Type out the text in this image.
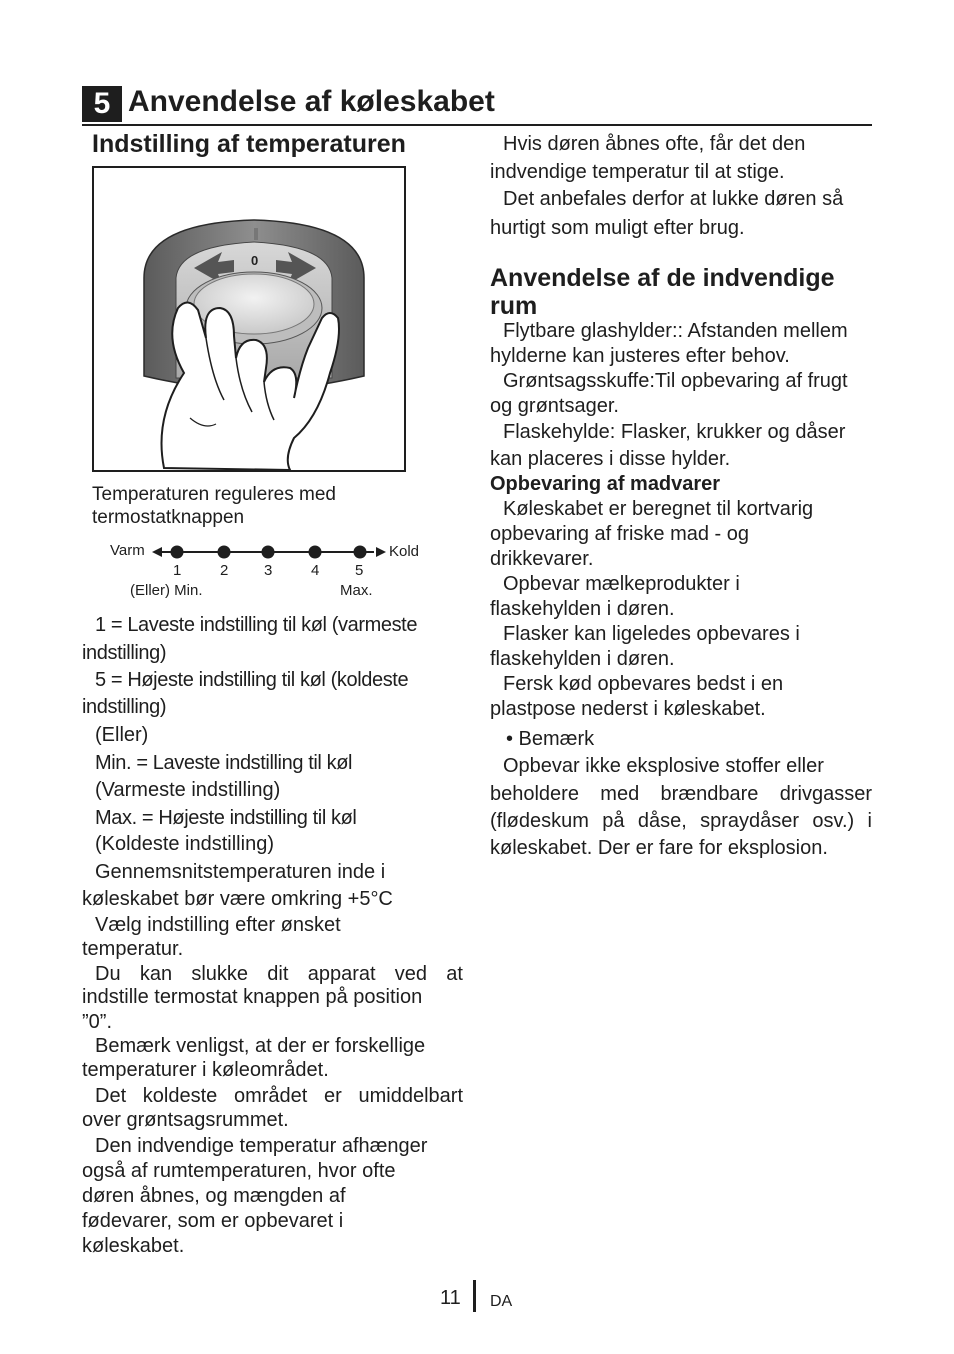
5 Anvendelse af køleskabet
Indstilling af temperaturen
0
Temperaturen reguleres med
termostatknappen
Varm	Kold
1	2 3	4 5
(Eller) Min.	Max.
1 = Laveste indstilling til køl (varmeste
indstilling)
5 = Højeste indstilling til køl (koldeste
indstilling)
(Eller)
Min. = Laveste indstilling til køl
(Varmeste indstilling)
Max. = Højeste indstilling til køl
(Koldeste indstilling)
Gennemsnitstemperaturen inde i
køleskabet bør være omkring +5°C
Vælg indstilling efter ønsket
temperatur.
Du kan slukke dit apparat ved at
indstille termostat knappen på position
”0”.
Bemærk venligst, at der er forskellige
temperaturer i køleområdet.
Det koldeste området er umiddelbart
over grøntsagsrummet.
Den indvendige temperatur afhænger
også af rumtemperaturen, hvor ofte
døren åbnes, og mængden af
fødevarer, som er opbevaret i
køleskabet.
Hvis døren åbnes ofte, får det den
indvendige temperatur til at stige.
Det anbefales derfor at lukke døren så
hurtigt som muligt efter brug.
Anvendelse af de indvendige
rum
Flytbare glashylder:: Afstanden mellem
hylderne kan justeres efter behov.
Grøntsagsskuffe:Til opbevaring af frugt
og grøntsager.
Flaskehylde: Flasker, krukker og dåser
kan placeres i disse hylder.
Opbevaring af madvarer
Køleskabet er beregnet til kortvarig
opbevaring af friske mad - og
drikkevarer.
Opbevar mælkeprodukter i
flaskehylden i døren.
Flasker kan ligeledes opbevares i
flaskehylden i døren.
Fersk kød opbevares bedst i en
plastpose nederst i køleskabet.
• Bemærk
Opbevar ikke eksplosive stoffer eller
beholdere med brændbare drivgasser
(flødeskum på dåse, spraydåser osv.) i
køleskabet. Der er fare for eksplosion.
11 DA
